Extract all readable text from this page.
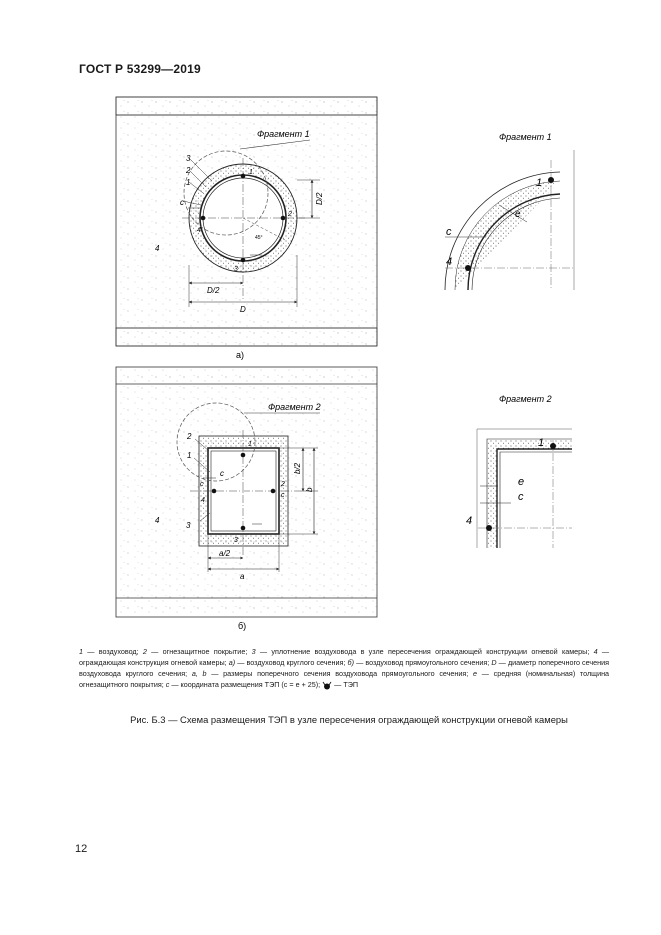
ГОСТ Р 53299—2019
Фрагмент 1
3
2
1
c
4
1
4
2
3
45°
D/2
D/2
D
а)
Фрагмент 1
1
e
c
4
Фрагмент 2
2
1
c
c
4
4
3
1
2
c
3
b/2
b
a/2
a
б)
Фрагмент 2
1
e
c
4
1 — воздуховод; 2 — огнезащитное покрытие; 3 — уплотнение воздуховода в узле пересечения ограждающей конструкции огневой камеры; 4 — ограждающая конструкция огневой камеры; а) — воздуховод круглого сечения; б) — воздуховод прямоугольного сечения; D — диаметр поперечного сечения воздуховода круглого сечения; a, b — размеры поперечного сечения воздуховода прямоугольного сечения; e — средняя (номинальная) толщина огнезащитного покрытия; c — координата размещения ТЭП (c = e + 25); — ТЭП
Рис. Б.3 — Схема размещения ТЭП в узле пересечения ограждающей конструкции огневой камеры
12
